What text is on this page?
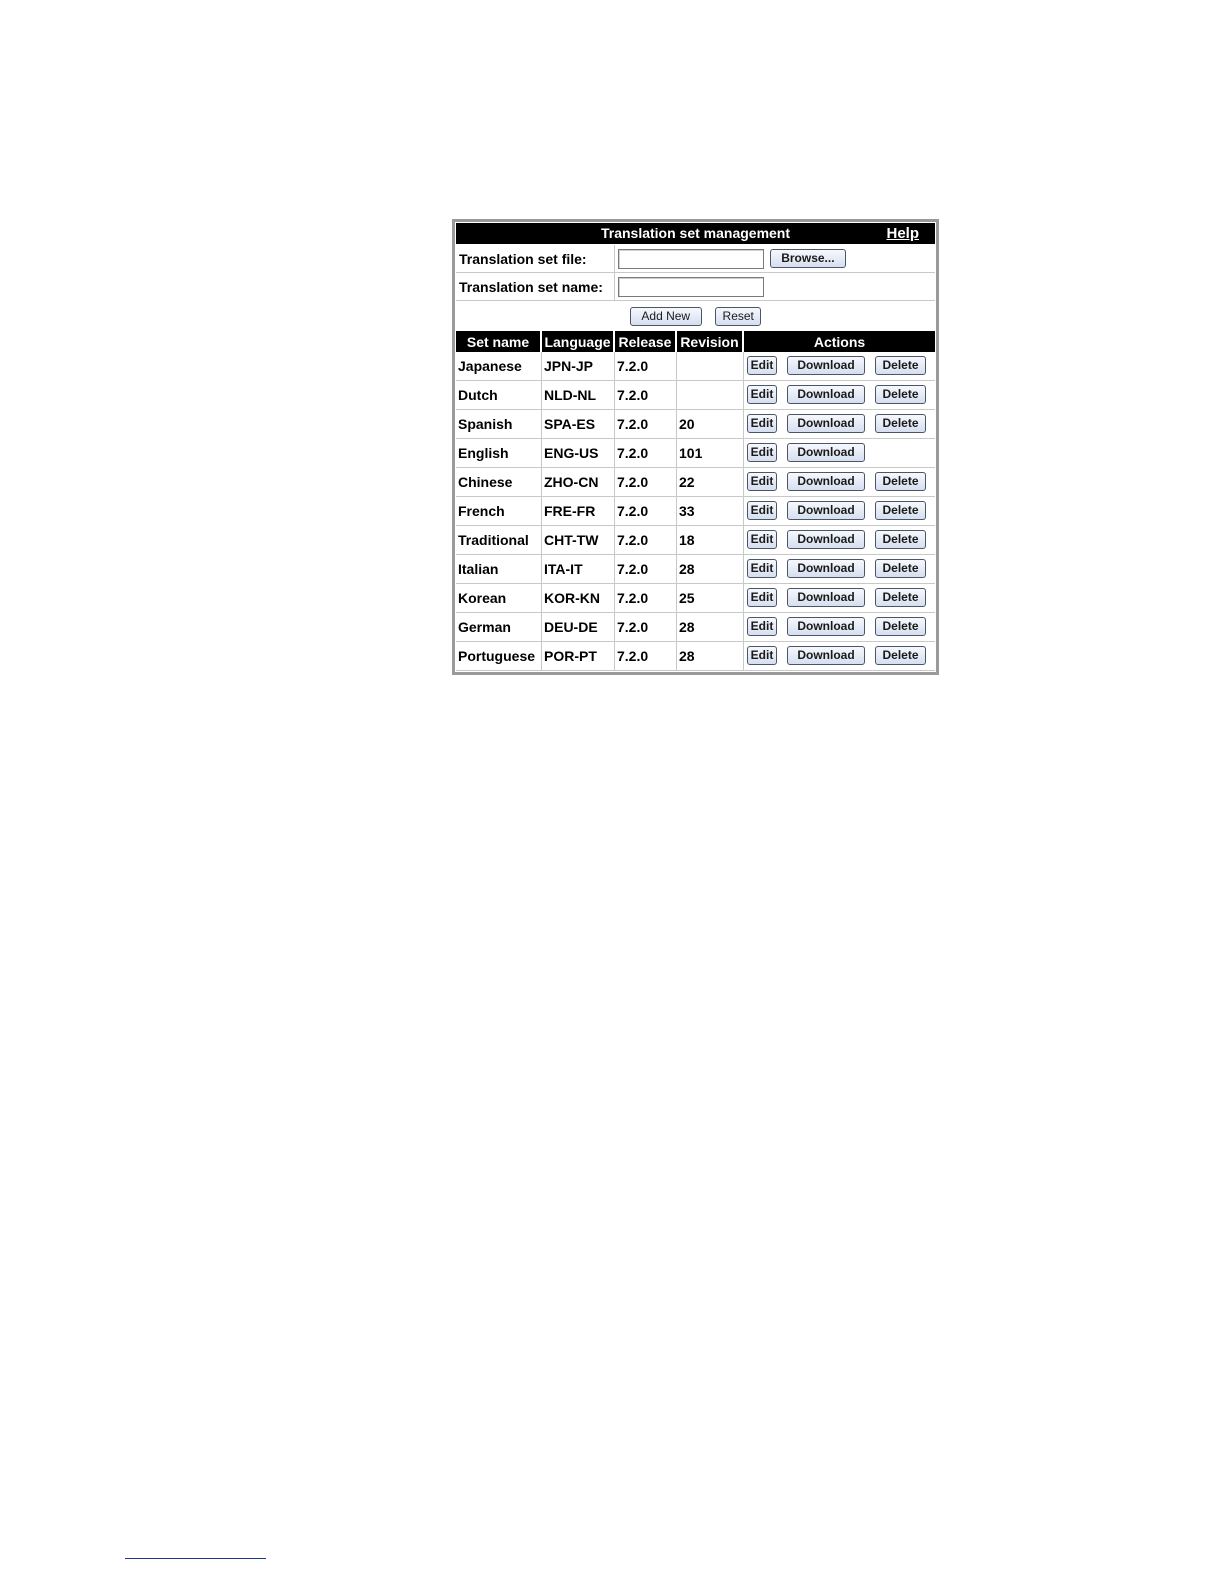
Translation set management	Help
Translation set file:	Browse...
Translation set name:	
Add New Reset	
Set name	Language	Release	Revision	Actions
Japanese	JPN-JP	7.2.0		Edit Download Delete

Dutch	NLD-NL	7.2.0		Edit Download Delete

Spanish	SPA-ES	7.2.0	20	Edit Download Delete

English	ENG-US	7.2.0	101	Edit Download

Chinese	ZHO-CN	7.2.0	22	Edit Download Delete

French	FRE-FR	7.2.0	33	Edit Download Delete

Traditional	CHT-TW	7.2.0	18	Edit Download Delete

Italian	ITA-IT	7.2.0	28	Edit Download Delete

Korean	KOR-KN	7.2.0	25	Edit Download Delete

German	DEU-DE	7.2.0	28	Edit Download Delete

Portuguese	POR-PT	7.2.0	28	Edit Download Delete
